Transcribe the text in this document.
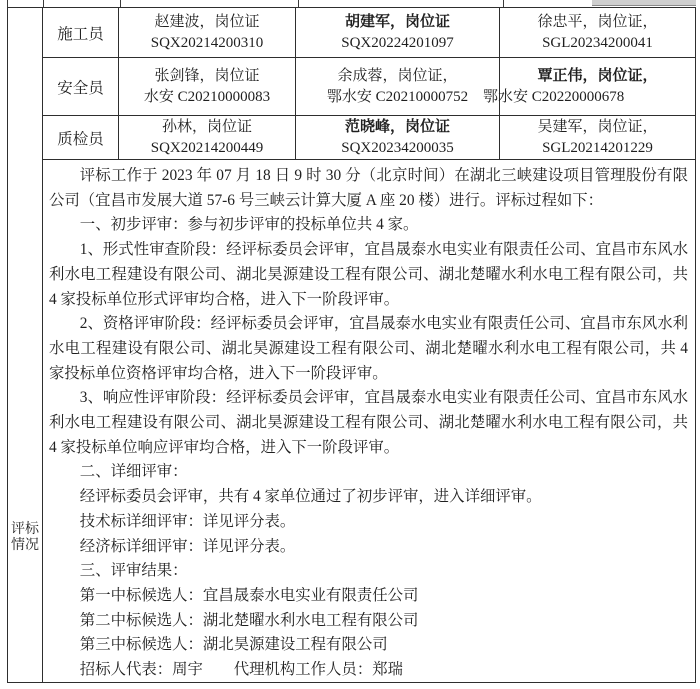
施工员
赵建波，岗位证
SQX20214200310
胡建军，岗位证
SQX20224201097
徐忠平，岗位证，
SGL20234200041
安全员
张剑锋，岗位证
水安 C20210000083
余成蓉，岗位证，
鄂水安 C20210000752
覃正伟，岗位证，
鄂水安 C20220000678
质检员
孙林，岗位证
SQX20214200449
范晓峰，岗位证
SQX20234200035
吴建军，岗位证，
SGL20214201229
评标
情况

评标工作于 2023 年 07 月 18 日 9 时 30 分（北京时间）在湖北三峡建设项目管理股份有限公司（宜昌市发展大道 57-6 号三峡云计算大厦 A 座 20 楼）进行。评标过程如下：

一、初步评审：参与初步评审的投标单位共 4 家。

1、形式性审查阶段：经评标委员会评审，宜昌晟泰水电实业有限责任公司、宜昌市东风水利水电工程建设有限公司、湖北昊源建设工程有限公司、湖北楚曜水利水电工程有限公司，共 4 家投标单位形式评审均合格，进入下一阶段评审。

2、资格评审阶段：经评标委员会评审，宜昌晟泰水电实业有限责任公司、宜昌市东风水利水电工程建设有限公司、湖北昊源建设工程有限公司、湖北楚曜水利水电工程有限公司，共 4 家投标单位资格评审均合格，进入下一阶段评审。

3、响应性评审阶段：经评标委员会评审，宜昌晟泰水电实业有限责任公司、宜昌市东风水利水电工程建设有限公司、湖北昊源建设工程有限公司、湖北楚曜水利水电工程有限公司，共 4 家投标单位响应评审均合格，进入下一阶段评审。

二、详细评审：

经评标委员会评审，共有 4 家单位通过了初步评审，进入详细评审。

技术标详细评审：详见评分表。

经济标详细评审：详见评分表。

三、评审结果：

第一中标候选人：宜昌晟泰水电实业有限责任公司

第二中标候选人：湖北楚曜水利水电工程有限公司

第三中标候选人：湖北昊源建设工程有限公司

招标人代表：周宇　　代理机构工作人员：郑瑞
